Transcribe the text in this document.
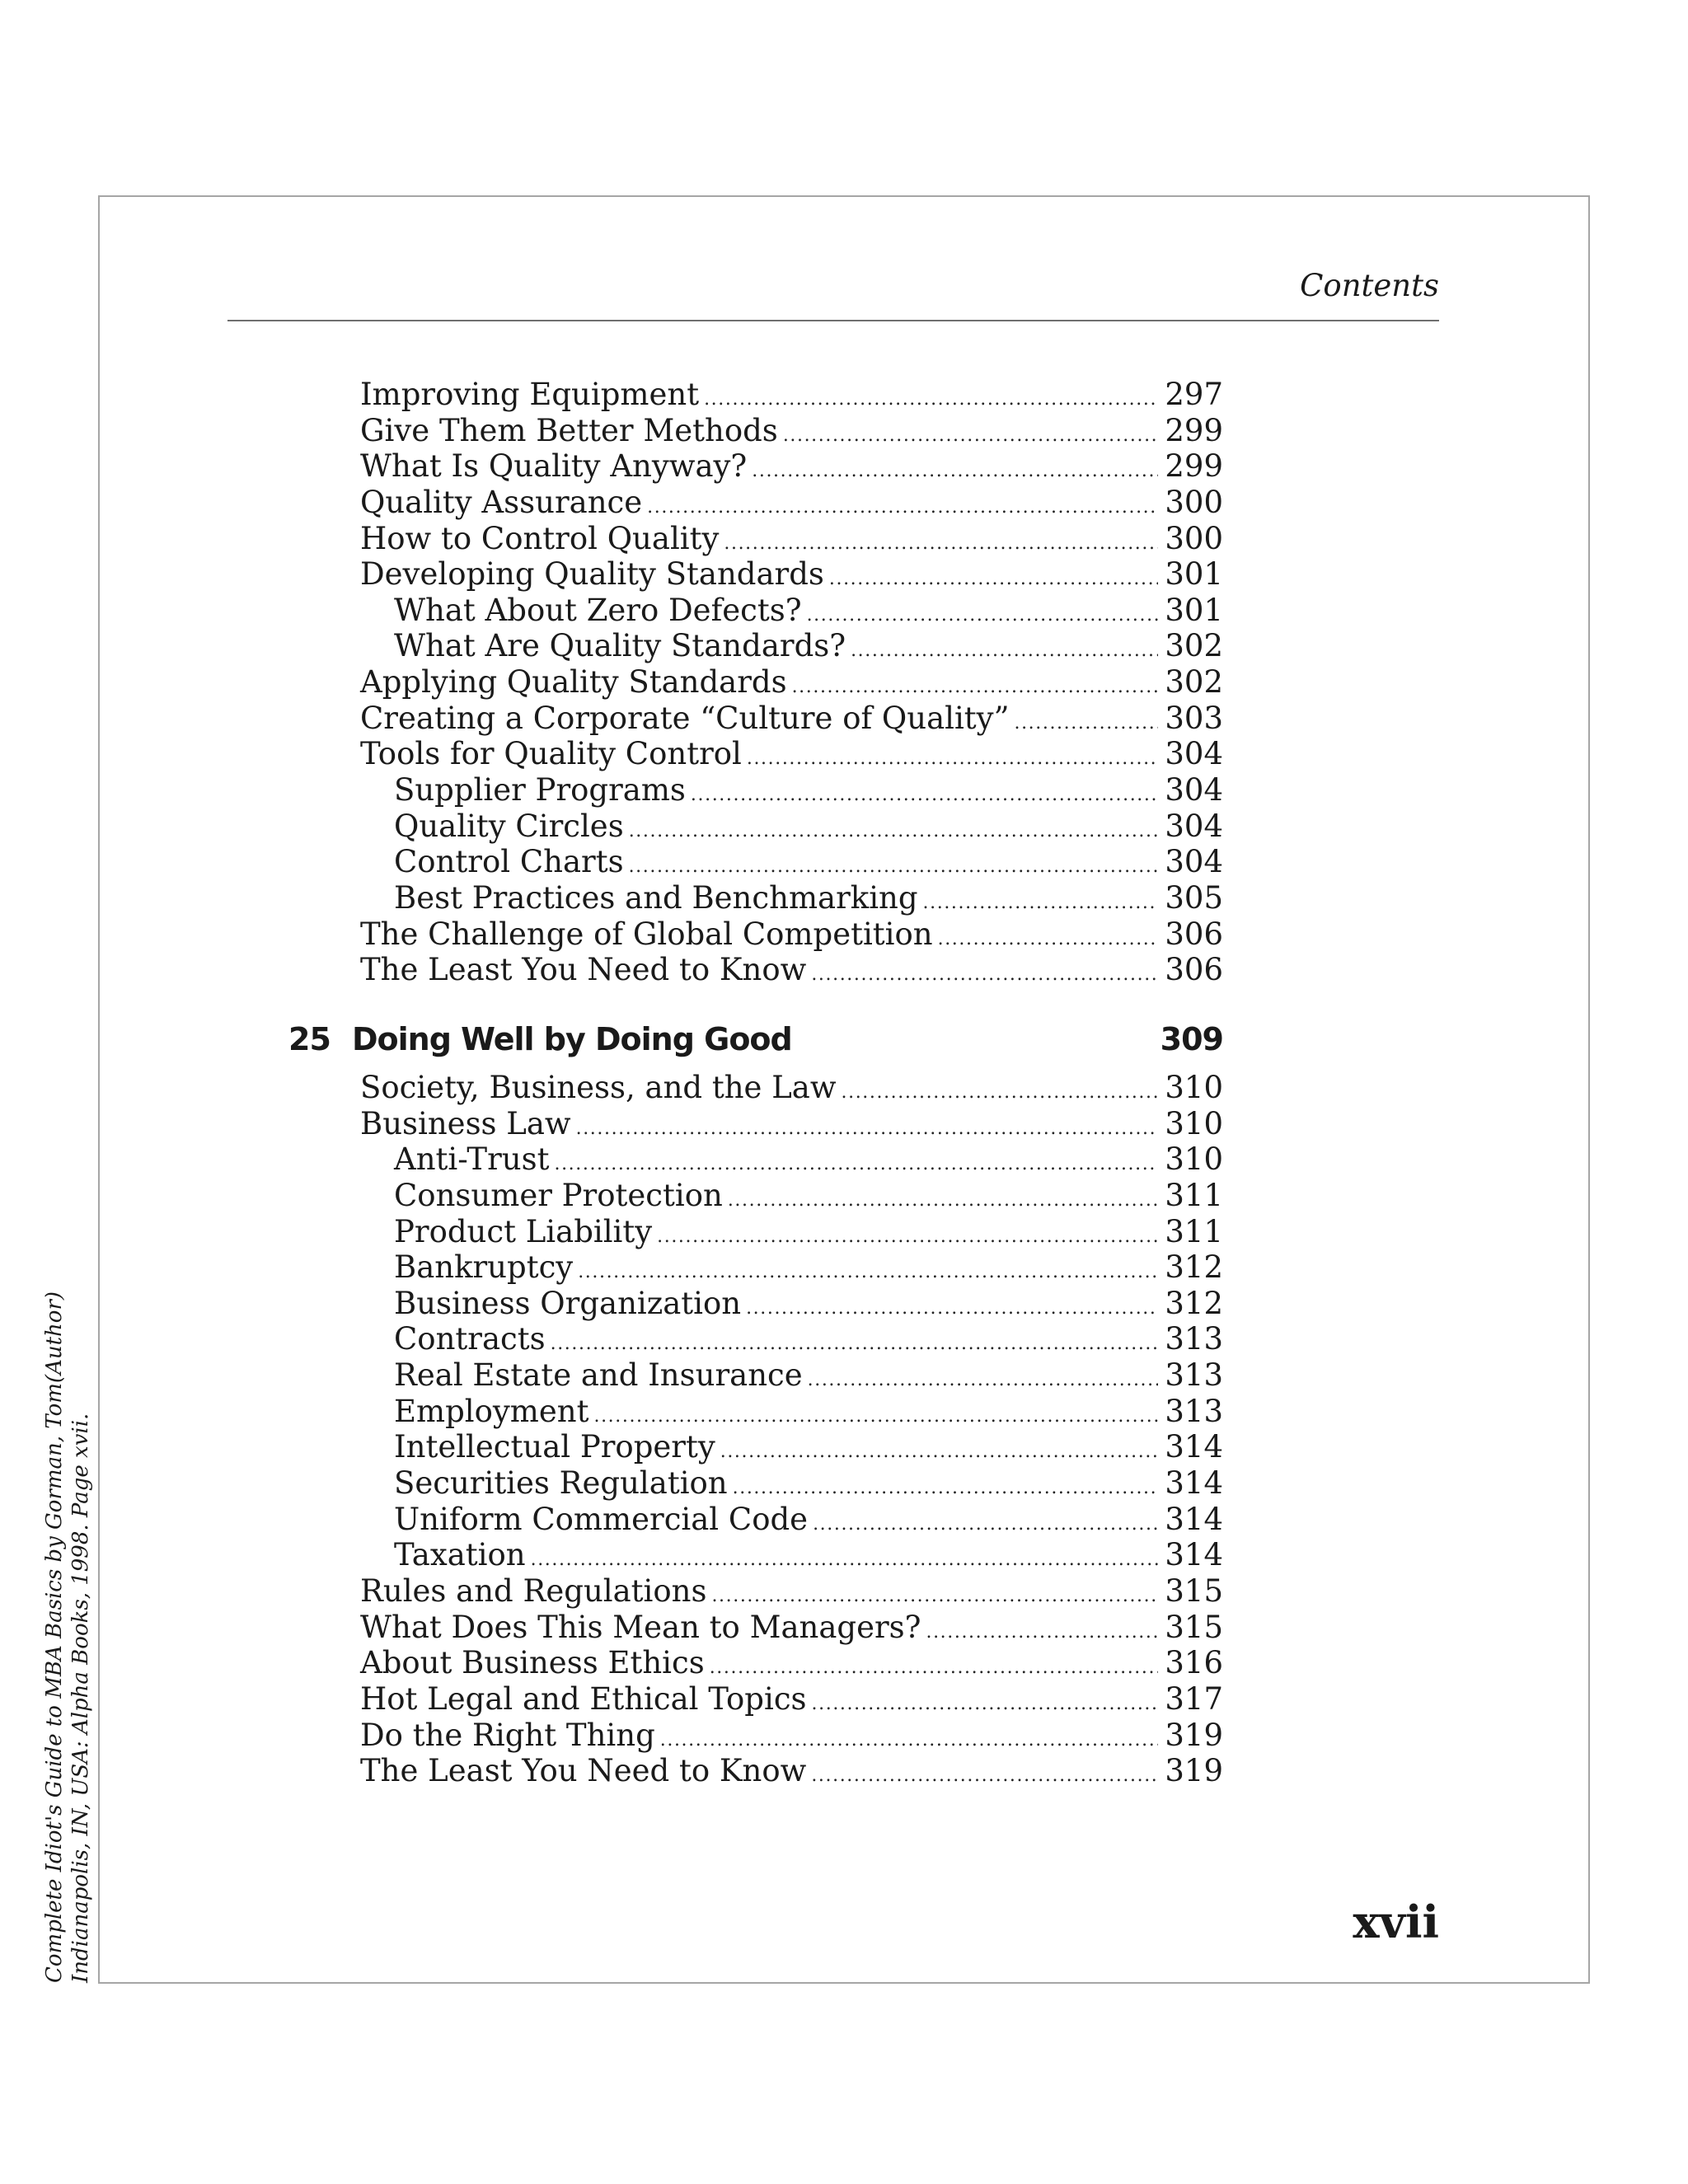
Contents
Improving Equipment .....	297
Give Them Better Methods .....	299
What Is Quality Anyway? .....	299
Quality Assurance .....	300
How to Control Quality .....	300
Developing Quality Standards .....	301
What About Zero Defects? .....	301
What Are Quality Standards? .....	302
Applying Quality Standards .....	302
Creating a Corporate “Culture of Quality” .....	303
Tools for Quality Control .....	304
Supplier Programs .....	304
Quality Circles .....	304
Control Charts .....	304
Best Practices and Benchmarking .....	305
The Challenge of Global Competition .....	306
The Least You Need to Know .....	306
25 Doing Well by Doing Good	309
Society, Business, and the Law .....	310
Business Law .....	310
Anti-Trust .....	310
Consumer Protection .....	311
Product Liability .....	311
Bankruptcy .....	312
Business Organization .....	312
Contracts .....	313
Real Estate and Insurance .....	313
Employment .....	313
Intellectual Property .....	314
Securities Regulation .....	314
Uniform Commercial Code .....	314
Taxation .....	314
Rules and Regulations .....	315
What Does This Mean to Managers? .....	315
About Business Ethics .....	316
Hot Legal and Ethical Topics .....	317
Do the Right Thing .....	319
The Least You Need to Know .....	319
xvii
Complete Idiot's Guide to MBA Basics by Gorman, Tom(Author) Indianapolis, IN, USA: Alpha Books, 1998. Page xvii.
